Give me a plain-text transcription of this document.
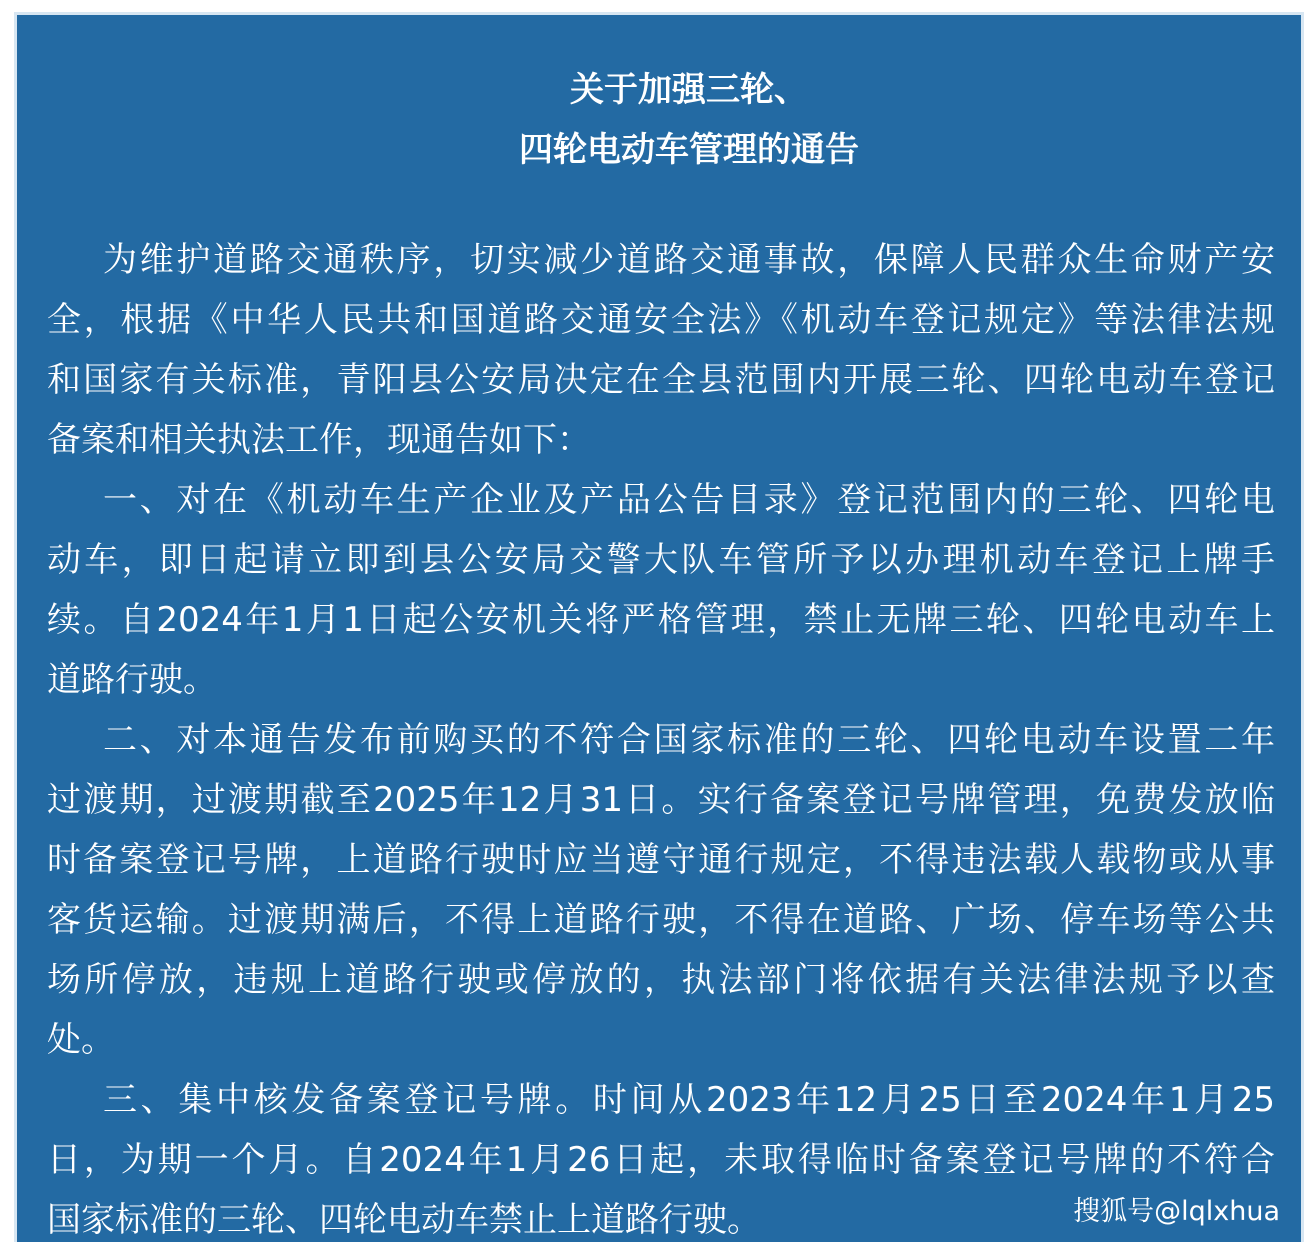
关于加强三轮、
四轮电动车管理的通告
为维护道路交通秩序，切实减少道路交通事故，保障人民群众生命财产安
全，根据《中华人民共和国道路交通安全法》《机动车登记规定》等法律法规
和国家有关标准，青阳县公安局决定在全县范围内开展三轮、四轮电动车登记
备案和相关执法工作，现通告如下：
一、对在《机动车生产企业及产品公告目录》登记范围内的三轮、四轮电
动车，即日起请立即到县公安局交警大队车管所予以办理机动车登记上牌手
续。自2024年1月1日起公安机关将严格管理，禁止无牌三轮、四轮电动车上
道路行驶。
二、对本通告发布前购买的不符合国家标准的三轮、四轮电动车设置二年
过渡期，过渡期截至2025年12月31日。实行备案登记号牌管理，免费发放临
时备案登记号牌，上道路行驶时应当遵守通行规定，不得违法载人载物或从事
客货运输。过渡期满后，不得上道路行驶，不得在道路、广场、停车场等公共
场所停放，违规上道路行驶或停放的，执法部门将依据有关法律法规予以查
处。
三、集中核发备案登记号牌。时间从2023年12月25日至2024年1月25
日，为期一个月。自2024年1月26日起，未取得临时备案登记号牌的不符合
国家标准的三轮、四轮电动车禁止上道路行驶。	搜狐号@lqlxhua
